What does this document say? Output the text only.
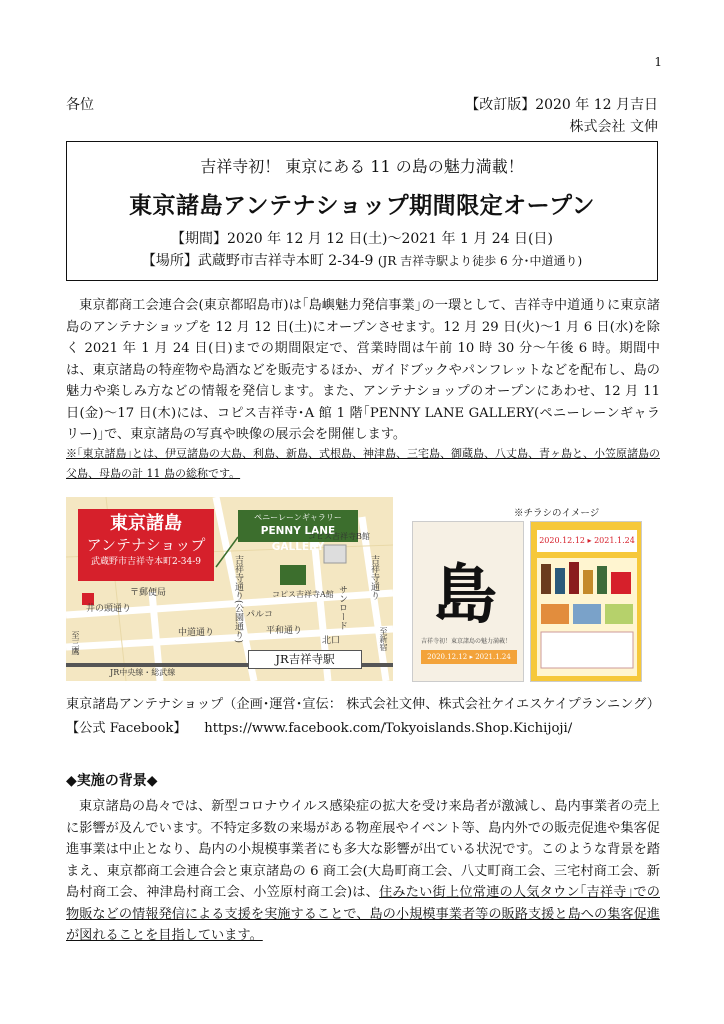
1
各位	【改訂版】2020 年 12 月吉日
株式会社 文伸
吉祥寺初！ 東京にある 11 の島の魅力満載！
東京諸島アンテナショップ期間限定オープン
【期間】2020 年 12 月 12 日(土)～2021 年 1 月 24 日(日)
【場所】武蔵野市吉祥寺本町 2-34-9 (JR 吉祥寺駅より徒歩 6 分･中道通り)
東京都商工会連合会(東京都昭島市)は｢島嶼魅力発信事業｣の一環として、吉祥寺中道通りに東京諸島のアンテナショップを 12 月 12 日(土)にオープンさせます。12 月 29 日(火)～1 月 6 日(水)を除く 2021 年 1 月 24 日(日)までの期間限定で、営業時間は午前 10 時 30 分～午後 6 時。期間中は、東京諸島の特産物や島酒などを販売するほか、ガイドブックやパンフレットなどを配布し、島の魅力や楽しみ方などの情報を発信します。また、アンテナショップのオープンにあわせ、12 月 11 日(金)～17 日(木)には、コピス吉祥寺･A 館 1 階｢PENNY LANE GALLERY(ペニーレーンギャラリー)｣で、東京諸島の写真や映像の展示会を開催します。
※｢東京諸島｣とは、伊豆諸島の大島、利島、新島、式根島、神津島、三宅島、御蔵島、八丈島、青ヶ島と、小笠原諸島の父島、母島の計 11 島の総称です。
東京諸島
アンテナショップ
武蔵野市吉祥寺本町2-34-9
ペニーレーンギャラリー
PENNY LANE GALLERY
〒郵便局
井の頭通り
中道通り 吉祥寺通り(公園通り)
コピス吉祥寺B館
コピス吉祥寺A館 サンロード
吉祥寺通り
パルコ
平和通り
北口
JR中央線・総武線
至三鷹	至新宿
JR吉祥寺駅
※チラシのイメージ
島
吉祥寺初！東京諸島の魅力満載！
2020.12.12 ▸ 2021.1.24
2020.12.12 ▸ 2021.1.24
東京諸島アンテナショップ（企画･運営･宣伝： 株式会社文伸、株式会社ケイエスケイプランニング）
【公式 Facebook】 https://www.facebook.com/Tokyoislands.Shop.Kichijoji/
◆実施の背景◆
東京諸島の島々では、新型コロナウイルス感染症の拡大を受け来島者が激減し、島内事業者の売上に影響が及んでいます。不特定多数の来場がある物産展やイベント等、島内外での販売促進や集客促進事業は中止となり、島内の小規模事業者にも多大な影響が出ている状況です。このような背景を踏まえ、東京都商工会連合会と東京諸島の 6 商工会(大島町商工会、八丈町商工会、三宅村商工会、新島村商工会、神津島村商工会、小笠原村商工会)は、住みたい街上位常連の人気タウン｢吉祥寺｣での物販などの情報発信による支援を実施することで、島の小規模事業者等の販路支援と島への集客促進が図れることを目指しています。
